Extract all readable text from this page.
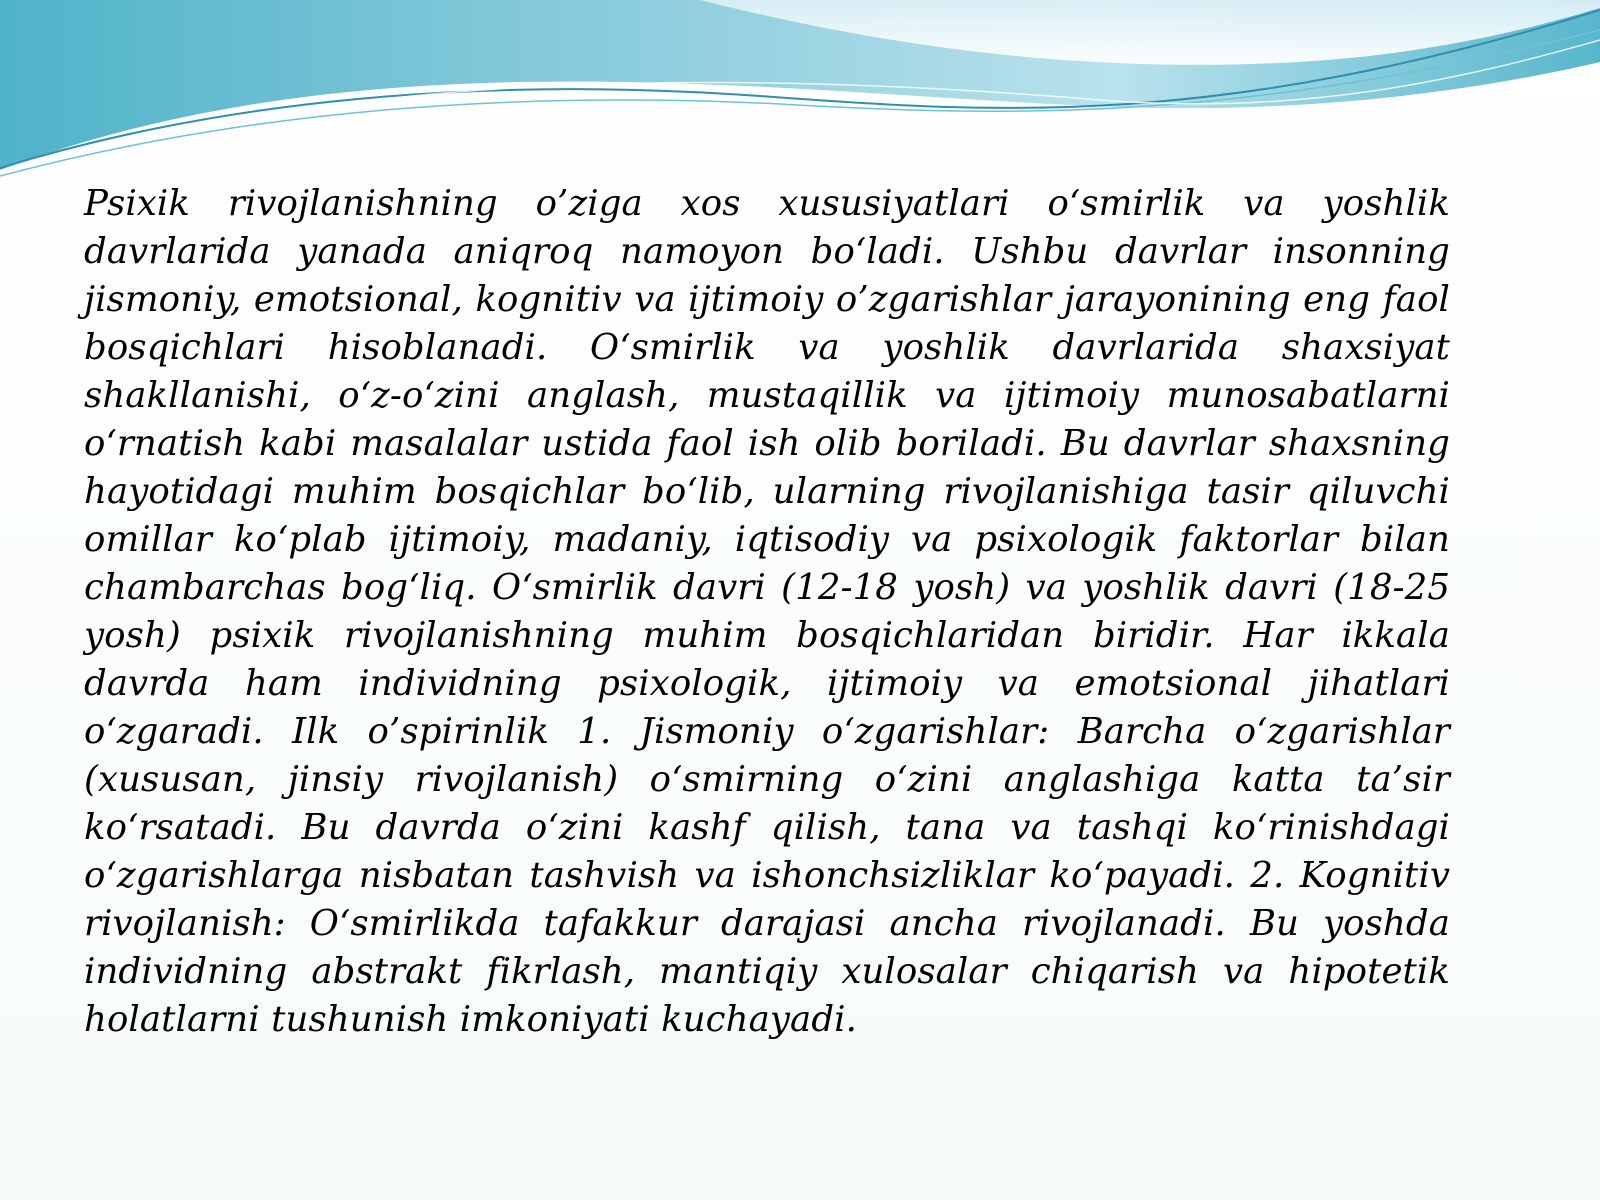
Psixik rivojlanishning o’ziga xos xususiyatlari o‘smirlik va yoshlik davrlarida yanada aniqroq namoyon bo‘ladi. Ushbu davrlar insonning jismoniy, emotsional, kognitiv va ijtimoiy o’zgarishlar jarayonining eng faol bosqichlari hisoblanadi. O‘smirlik va yoshlik davrlarida shaxsiyat shakllanishi, o‘z-o‘zini anglash, mustaqillik va ijtimoiy munosabatlarni o‘rnatish kabi masalalar ustida faol ish olib boriladi. Bu davrlar shaxsning hayotidagi muhim bosqichlar bo‘lib, ularning rivojlanishiga tasir qiluvchi omillar ko‘plab ijtimoiy, madaniy, iqtisodiy va psixologik faktorlar bilan chambarchas bog‘liq. O‘smirlik davri (12-18 yosh) va yoshlik davri (18-25 yosh) psixik rivojlanishning muhim bosqichlaridan biridir. Har ikkala davrda ham individning psixologik, ijtimoiy va emotsional jihatlari o‘zgaradi. Ilk o’spirinlik 1. Jismoniy o‘zgarishlar: Barcha o‘zgarishlar (xususan, jinsiy rivojlanish) o‘smirning o‘zini anglashiga katta ta’sir ko‘rsatadi. Bu davrda o‘zini kashf qilish, tana va tashqi ko‘rinishdagi o‘zgarishlarga nisbatan tashvish va ishonchsizliklar ko‘payadi. 2. Kognitiv rivojlanish: O‘smirlikda tafakkur darajasi ancha rivojlanadi. Bu yoshda individning abstrakt fikrlash, mantiqiy xulosalar chiqarish va hipotetik holatlarni tushunish imkoniyati kuchayadi.
